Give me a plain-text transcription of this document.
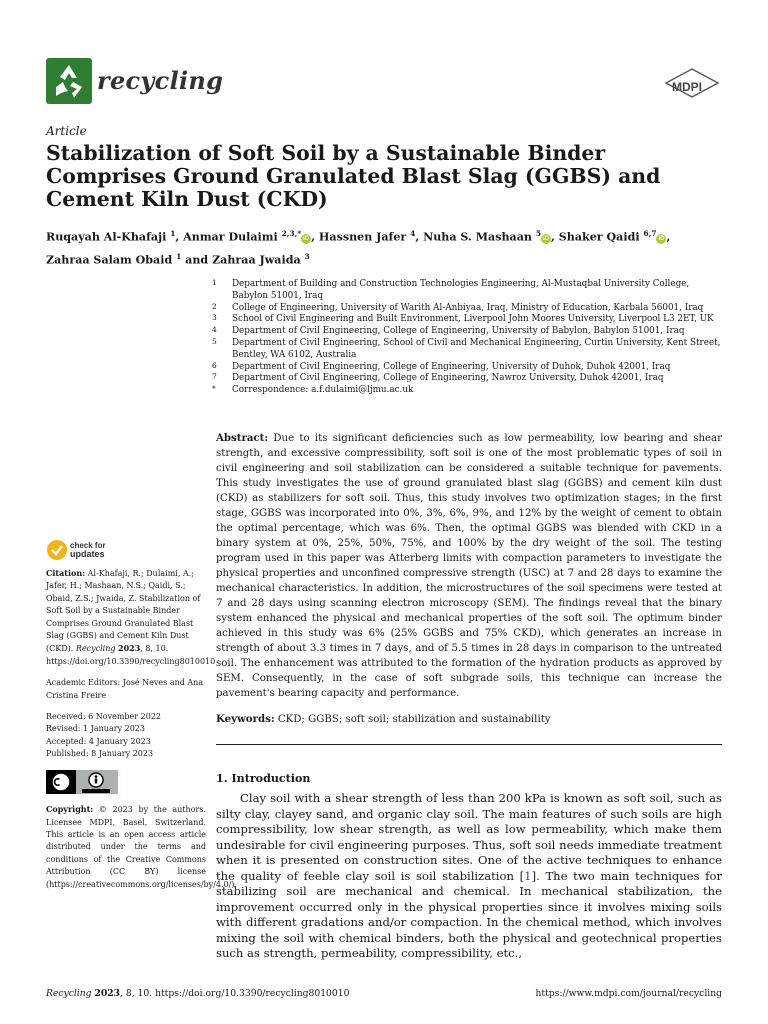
recycling	MDPI
Article
Stabilization of Soft Soil by a Sustainable Binder Comprises Ground Granulated Blast Slag (GGBS) and Cement Kiln Dust (CKD)
Ruqayah Al-Khafaji $^1$, Anmar Dulaimi $^{2,3,*}$iD , Hassnen Jafer $^4$, Nuha S. Mashaan $^5$iD , Shaker Qaidi $^{6,7}$iD ,
Zahraa Salam Obaid $^1$ and Zahraa Jwaida $^3$
1	Department of Building and Construction Technologies Engineering, Al-Mustaqbal University College, Babylon 51001, Iraq
2	College of Engineering, University of Warith Al-Anbiyaa, Iraq, Ministry of Education, Karbala 56001, Iraq
3	School of Civil Engineering and Built Environment, Liverpool John Moores University, Liverpool L3 2ET, UK
4	Department of Civil Engineering, College of Engineering, University of Babylon, Babylon 51001, Iraq
5	Department of Civil Engineering, School of Civil and Mechanical Engineering, Curtin University, Kent Street, Bentley, WA 6102, Australia
6	Department of Civil Engineering, College of Engineering, University of Duhok, Duhok 42001, Iraq
7	Department of Civil Engineering, College of Engineering, Nawroz University, Duhok 42001, Iraq
*	Correspondence: a.f.dulaimi@ljmu.ac.uk
Abstract: Due to its significant deficiencies such as low permeability, low bearing and shear strength, and excessive compressibility, soft soil is one of the most problematic types of soil in civil engineering and soil stabilization can be considered a suitable technique for pavements. This study investigates the use of ground granulated blast slag (GGBS) and cement kiln dust (CKD) as stabilizers for soft soil. Thus, this study involves two optimization stages; in the first stage, GGBS was incorporated into 0%, 3%, 6%, 9%, and 12% by the weight of cement to obtain the optimal percentage, which was 6%. Then, the optimal GGBS was blended with CKD in a binary system at 0%, 25%, 50%, 75%, and 100% by the dry weight of the soil. The testing program used in this paper was Atterberg limits with compaction parameters to investigate the physical properties and unconfined compressive strength (USC) at 7 and 28 days to examine the mechanical characteristics. In addition, the microstructures of the soil specimens were tested at 7 and 28 days using scanning electron microscopy (SEM). The findings reveal that the binary system enhanced the physical and mechanical properties of the soft soil. The optimum binder achieved in this study was 6% (25% GGBS and 75% CKD), which generates an increase in strength of about 3.3 times in 7 days, and of 5.5 times in 28 days in comparison to the untreated soil. The enhancement was attributed to the formation of the hydration products as approved by SEM. Consequently, in the case of soft subgrade soils, this technique can increase the pavement's bearing capacity and performance.
Keywords: CKD; GGBS; soft soil; stabilization and sustainability
check for
updates
Citation: Al-Khafaji, R.; Dulaimi, A.; Jafer, H.; Mashaan, N.S.; Qaidi, S.; Obaid, Z.S.; Jwaida, Z. Stabilization of Soft Soil by a Sustainable Binder Comprises Ground Granulated Blast Slag (GGBS) and Cement Kiln Dust (CKD). Recycling 2023, 8, 10. https://doi.org/10.3390/recycling8010010
Academic Editors: José Neves and Ana Cristina Freire
Received: 6 November 2022
Revised: 1 January 2023
Accepted: 4 January 2023
Published: 8 January 2023
Copyright: © 2023 by the authors. Licensee MDPI, Basel, Switzerland. This article is an open access article distributed under the terms and conditions of the Creative Commons Attribution (CC BY) license (https://creativecommons.org/licenses/by/4.0/).
1. Introduction
Clay soil with a shear strength of less than 200 kPa is known as soft soil, such as silty clay, clayey sand, and organic clay soil. The main features of such soils are high compressibility, low shear strength, as well as low permeability, which make them undesirable for civil engineering purposes. Thus, soft soil needs immediate treatment when it is presented on construction sites. One of the active techniques to enhance the quality of feeble clay soil is soil stabilization [1]. The two main techniques for stabilizing soil are mechanical and chemical. In mechanical stabilization, the improvement occurred only in the physical properties since it involves mixing soils with different gradations and/or compaction. In the chemical method, which involves mixing the soil with chemical binders, both the physical and geotechnical properties such as strength, permeability, compressibility, etc.,
Recycling 2023, 8, 10. https://doi.org/10.3390/recycling8010010	https://www.mdpi.com/journal/recycling
